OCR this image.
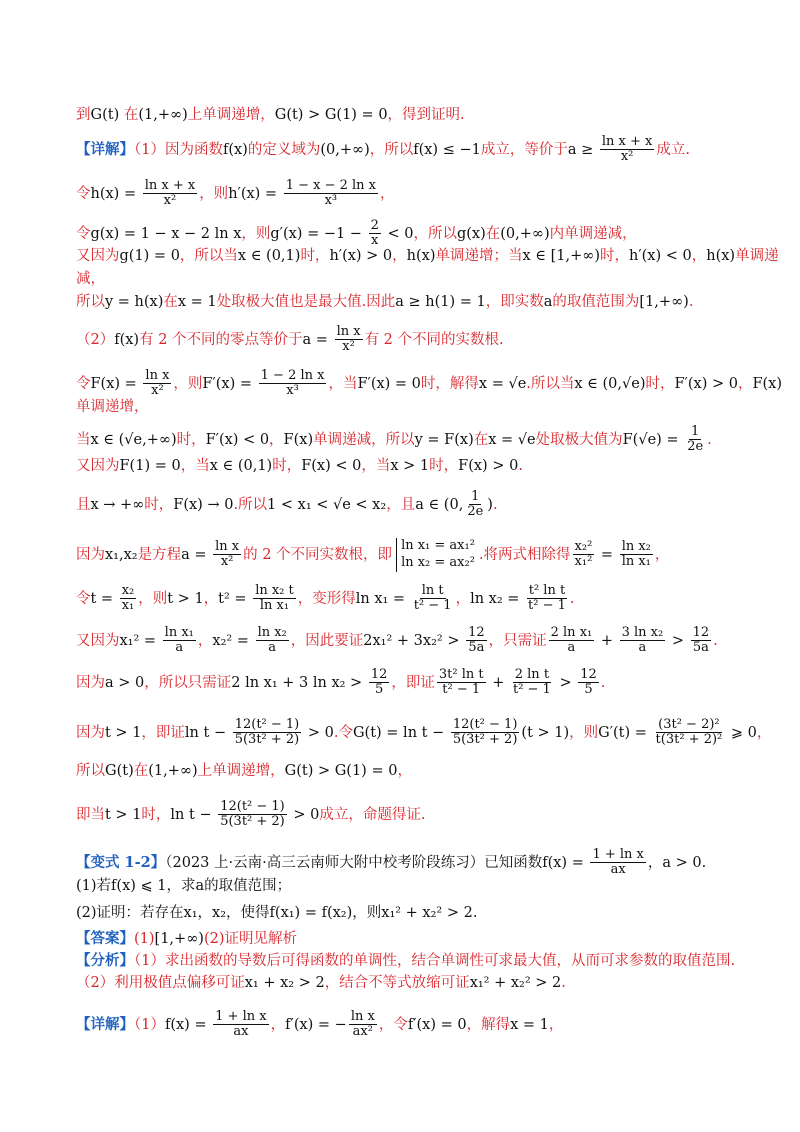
到G(t) 在(1,+∞)上单调递增，G(t) > G(1) = 0，得到证明.
【详解】（1）因为函数f(x)的定义域为(0,+∞)，所以f(x) ≤ −1成立，等价于$a \ge \frac{\text{ln x + x}}{\text{x²}}$ 成立.
令$h(x) = \frac{\text{ln x + x}}{\text{x²}}$ ，则$h'(x) = \frac{\text{1 − x − 2 ln x}}{\text{x³}}$ ，
令g(x) = 1 − x − 2 ln x，则$g'(x) = -1 - \frac{2}{x} < 0$，所以g(x)在(0,+∞)内单调递减，
又因为g(1) = 0，所以当x ∈ (0,1)时，h′(x) > 0，h(x)单调递增；当x ∈ [1,+∞)时，h′(x) < 0，h(x)单调递
减，
所以y = h(x)在x = 1处取极大值也是最大值.因此a ≥ h(1) = 1，即实数a的取值范围为[1,+∞).
（2）f(x)有 2 个不同的零点等价于$a = \frac{\text{ln x}}{\text{x²}}$ 有 2 个不同的实数根.
令$F(x) = \frac{\text{ln x}}{\text{x²}}$ ，则$F'(x) = \frac{\text{1 − 2 ln x}}{\text{x³}}$ ，当F′(x) = 0时，解得x = √e.所以当x ∈ (0,√e)时，F′(x) > 0，F(x)
单调递增，
当x ∈ (√e,+∞)时，F′(x) < 0，F(x)单调递减，所以y = F(x)在x = √e处取极大值为$F(√e) = \frac{1}{2e}$ .
又因为F(1) = 0，当x ∈ (0,1)时，F(x) < 0，当x > 1时，F(x) > 0.
且x → +∞时，F(x) → 0.所以1 < x₁ < √e < x₂，且a ∈ (0, $\frac{1}{2e}$ ).
因为x₁,x₂是方程$a = \frac{\text{ln x}}{\text{x²}}$ 的 2 个不同实数根，即
ln x₁ = ax₁²
ln x₂ = ax₂² .将两式相除得 $\frac{\text{x₂²}}{\text{x₁²}} = \frac{\text{ln x₂}}{\text{ln x₁}}$ ，
令$t = \frac{\text{x₂}}{\text{x₁}}$ ，则t > 1，$t^2 = \frac{\text{ln x₂ t}}{\text{ln x₁}}$ ，变形得$\ln x_1 = \frac{\text{ln t}}{\text{t² − 1}}$ ，$\ln x_2 = \frac{\text{t² ln t}}{\text{t² − 1}}$ .
又因为$x_1^2 = \frac{\text{ln x₁}}{a}$ ，$x_2^2 = \frac{\text{ln x₂}}{a}$ ，因此要证$2x_1^2 + 3x_2^2 > \frac{12}{5a}$ ，只需证 $\frac{\text{2 ln x₁}}{a} + \frac{\text{3 ln x₂}}{a} > \frac{12}{5a}$ .
因为a > 0，所以只需证2 ln x₁ + 3 $\ln x_2 > \frac{12}{5}$ ，即证 $\frac{\text{3t² ln t}}{\text{t² − 1}} + \frac{\text{2 ln t}}{\text{t² − 1}} > \frac{12}{5}$ .
因为t > 1，即证$\ln t - \frac{\text{12(t² − 1)}}{\text{5(3t² + 2)}} > 0$.令$G(t) = \ln t - \frac{\text{12(t² − 1)}}{\text{5(3t² + 2)}} (t > 1)$，则$G'(t) = \frac{\text{(3t² − 2)²}}{\text{t(3t² + 2)²}}$ ⩾ 0，
所以G(t)在(1,+∞)上单调递增，G(t) > G(1) = 0，
即当t > 1时，$\ln t - \frac{\text{12(t² − 1)}}{\text{5(3t² + 2)}} > 0$成立，命题得证.
【变式 1-2】（2023 上·云南·高三云南师大附中校考阶段练习）已知函数$f(x) = \frac{\text{1 + ln x}}{ax}$ ，a > 0.
(1)若f(x) ⩽ 1，求a的取值范围；
(2)证明：若存在x₁，x₂，使得f(x₁) = f(x₂)，则x₁² + x₂² > 2.
【答案】(1)[1,+∞)(2)证明见解析
【分析】（1）求出函数的导数后可得函数的单调性，结合单调性可求最大值，从而可求参数的取值范围.
（2）利用极值点偏移可证x₁ + x₂ > 2，结合不等式放缩可证x₁² + x₂² > 2.
【详解】$(1)f(x) = \frac{\text{1 + ln x}}{ax}$ ，f′(x) = − $\frac{\text{ln x}}{\text{ax²}}$ ，令f′(x) = 0，解得x = 1，
